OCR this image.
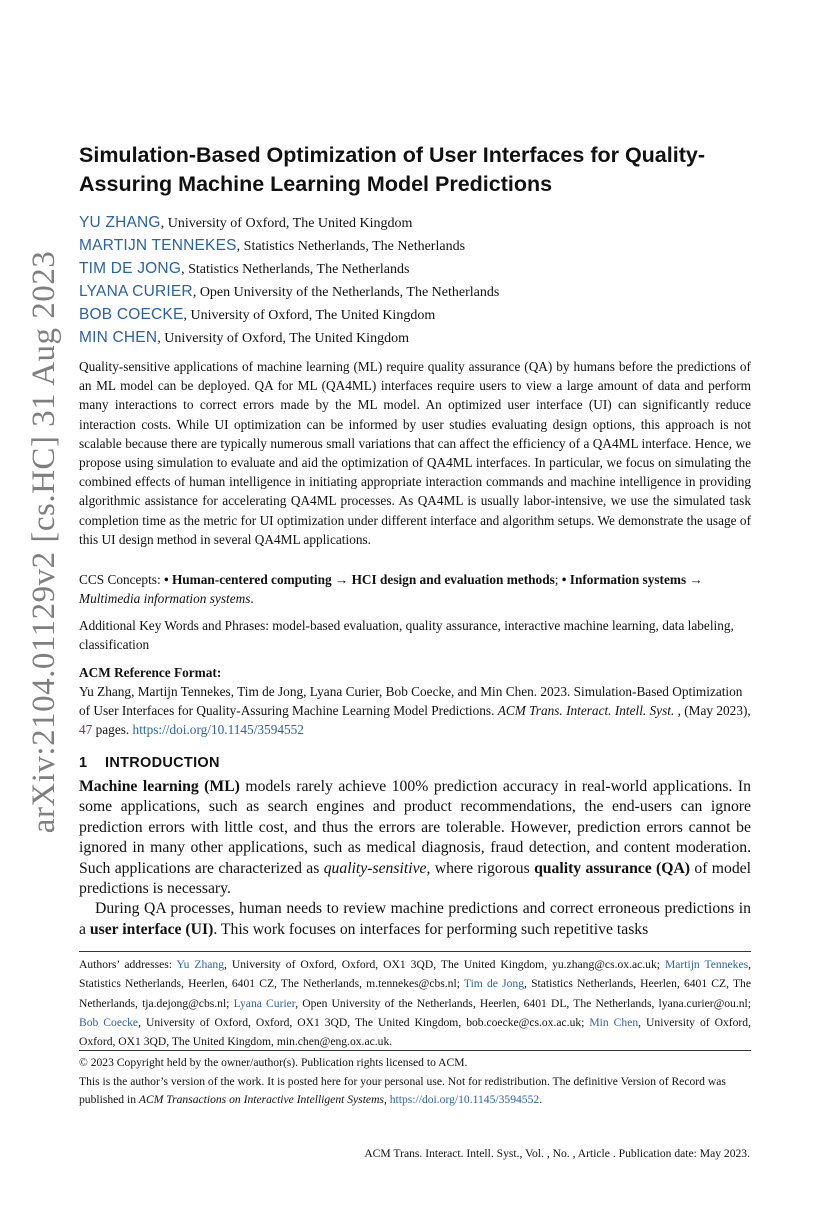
arXiv:2104.01129v2 [cs.HC] 31 Aug 2023
Simulation-Based Optimization of User Interfaces for Quality-Assuring Machine Learning Model Predictions
YU ZHANG, University of Oxford, The United Kingdom
MARTIJN TENNEKES, Statistics Netherlands, The Netherlands
TIM DE JONG, Statistics Netherlands, The Netherlands
LYANA CURIER, Open University of the Netherlands, The Netherlands
BOB COECKE, University of Oxford, The United Kingdom
MIN CHEN, University of Oxford, The United Kingdom

Quality-sensitive applications of machine learning (ML) require quality assurance (QA) by humans before the predictions of an ML model can be deployed. QA for ML (QA4ML) interfaces require users to view a large amount of data and perform many interactions to correct errors made by the ML model. An optimized user interface (UI) can significantly reduce interaction costs. While UI optimization can be informed by user studies evaluating design options, this approach is not scalable because there are typically numerous small variations that can affect the efficiency of a QA4ML interface. Hence, we propose using simulation to evaluate and aid the optimization of QA4ML interfaces. In particular, we focus on simulating the combined effects of human intelligence in initiating appropriate interaction commands and machine intelligence in providing algorithmic assistance for accelerating QA4ML processes. As QA4ML is usually labor-intensive, we use the simulated task completion time as the metric for UI optimization under different interface and algorithm setups. We demonstrate the usage of this UI design method in several QA4ML applications.

CCS Concepts: • Human-centered computing → HCI design and evaluation methods; • Information systems → Multimedia information systems.

Additional Key Words and Phrases: model-based evaluation, quality assurance, interactive machine learning, data labeling, classification

ACM Reference Format:
Yu Zhang, Martijn Tennekes, Tim de Jong, Lyana Curier, Bob Coecke, and Min Chen. 2023. Simulation-Based Optimization of User Interfaces for Quality-Assuring Machine Learning Model Predictions. ACM Trans. Interact. Intell. Syst. , (May 2023), 47 pages. https://doi.org/10.1145/3594552
1 INTRODUCTION

Machine learning (ML) models rarely achieve 100% prediction accuracy in real-world applications. In some applications, such as search engines and product recommendations, the end-users can ignore prediction errors with little cost, and thus the errors are tolerable. However, prediction errors cannot be ignored in many other applications, such as medical diagnosis, fraud detection, and content moderation. Such applications are characterized as quality-sensitive, where rigorous quality assurance (QA) of model predictions is necessary.

During QA processes, human needs to review machine predictions and correct erroneous predictions in a user interface (UI). This work focuses on interfaces for performing such repetitive tasks

Authors’ addresses: Yu Zhang, University of Oxford, Oxford, OX1 3QD, The United Kingdom, yu.zhang@cs.ox.ac.uk; Martijn Tennekes, Statistics Netherlands, Heerlen, 6401 CZ, The Netherlands, m.tennekes@cbs.nl; Tim de Jong, Statistics Netherlands, Heerlen, 6401 CZ, The Netherlands, tja.dejong@cbs.nl; Lyana Curier, Open University of the Netherlands, Heerlen, 6401 DL, The Netherlands, lyana.curier@ou.nl; Bob Coecke, University of Oxford, Oxford, OX1 3QD, The United Kingdom, bob.coecke@cs.ox.ac.uk; Min Chen, University of Oxford, Oxford, OX1 3QD, The United Kingdom, min.chen@eng.ox.ac.uk.

© 2023 Copyright held by the owner/author(s). Publication rights licensed to ACM.

This is the author’s version of the work. It is posted here for your personal use. Not for redistribution. The definitive Version of Record was published in ACM Transactions on Interactive Intelligent Systems, https://doi.org/10.1145/3594552.

ACM Trans. Interact. Intell. Syst., Vol. , No. , Article . Publication date: May 2023.
